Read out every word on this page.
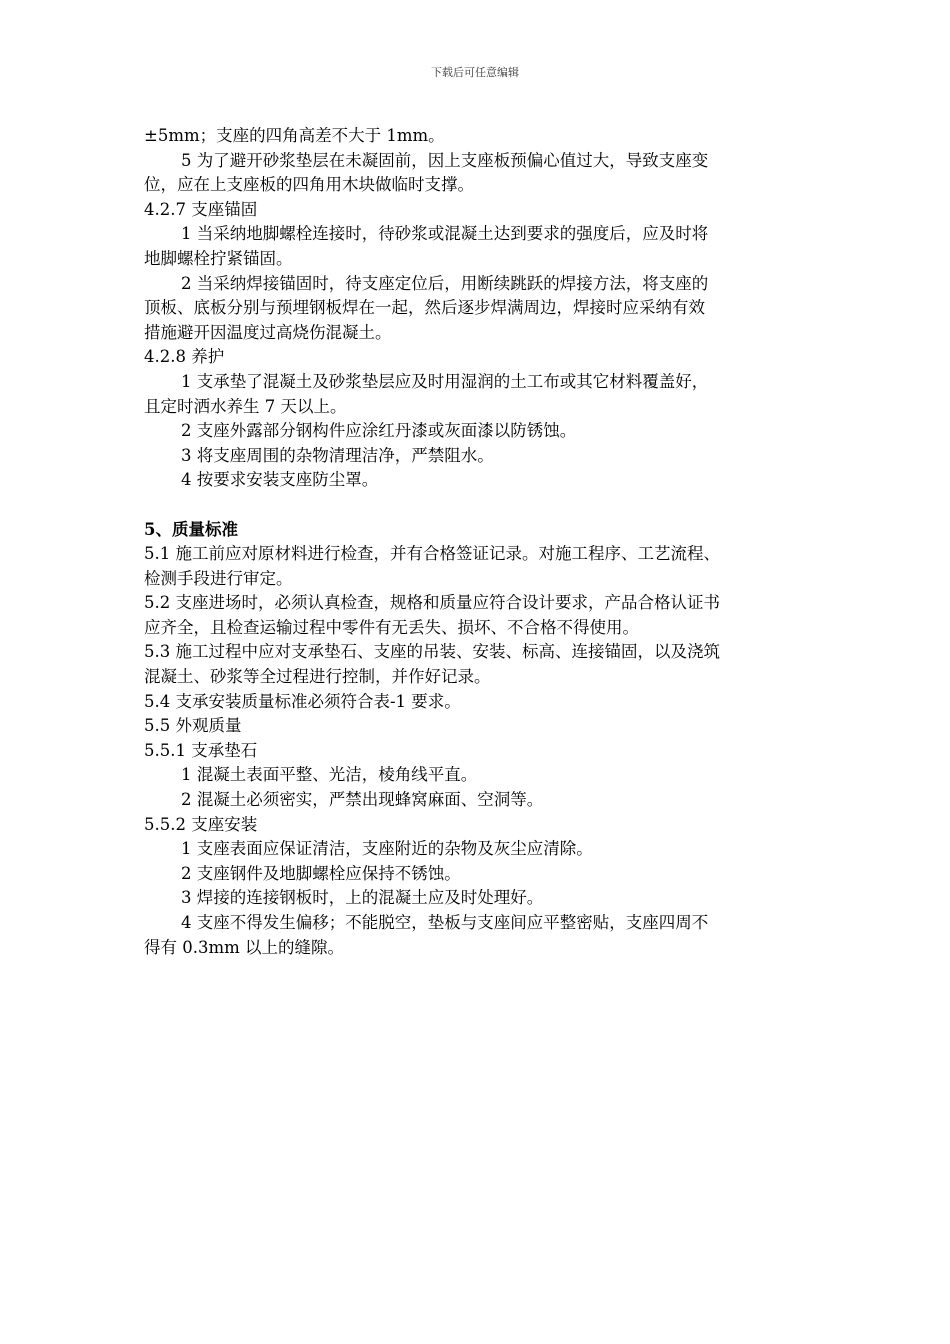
下载后可任意编辑
±5mm；支座的四角高差不大于 1mm。
5 为了避开砂浆垫层在未凝固前，因上支座板预偏心值过大，导致支座变
位，应在上支座板的四角用木块做临时支撑。
4.2.7 支座锚固
1 当采纳地脚螺栓连接时，待砂浆或混凝土达到要求的强度后，应及时将
地脚螺栓拧紧锚固。
2 当采纳焊接锚固时，待支座定位后，用断续跳跃的焊接方法，将支座的
顶板、底板分别与预埋钢板焊在一起，然后逐步焊满周边，焊接时应采纳有效
措施避开因温度过高烧伤混凝土。
4.2.8 养护
1 支承垫了混凝土及砂浆垫层应及时用湿润的土工布或其它材料覆盖好，
且定时洒水养生 7 天以上。
2 支座外露部分钢构件应涂红丹漆或灰面漆以防锈蚀。
3 将支座周围的杂物清理洁净，严禁阻水。
4 按要求安装支座防尘罩。
5、质量标准
5.1 施工前应对原材料进行检查，并有合格签证记录。对施工程序、工艺流程、
检测手段进行审定。
5.2 支座进场时，必须认真检查，规格和质量应符合设计要求，产品合格认证书
应齐全，且检查运输过程中零件有无丢失、损坏、不合格不得使用。
5.3 施工过程中应对支承垫石、支座的吊装、安装、标高、连接锚固，以及浇筑
混凝土、砂浆等全过程进行控制，并作好记录。
5.4 支承安装质量标准必须符合表-1 要求。
5.5 外观质量
5.5.1 支承垫石
1 混凝土表面平整、光洁，棱角线平直。
2 混凝土必须密实，严禁出现蜂窝麻面、空洞等。
5.5.2 支座安装
1 支座表面应保证清洁，支座附近的杂物及灰尘应清除。
2 支座钢件及地脚螺栓应保持不锈蚀。
3 焊接的连接钢板时，上的混凝土应及时处理好。
4 支座不得发生偏移；不能脱空，垫板与支座间应平整密贴，支座四周不
得有 0.3mm 以上的缝隙。
